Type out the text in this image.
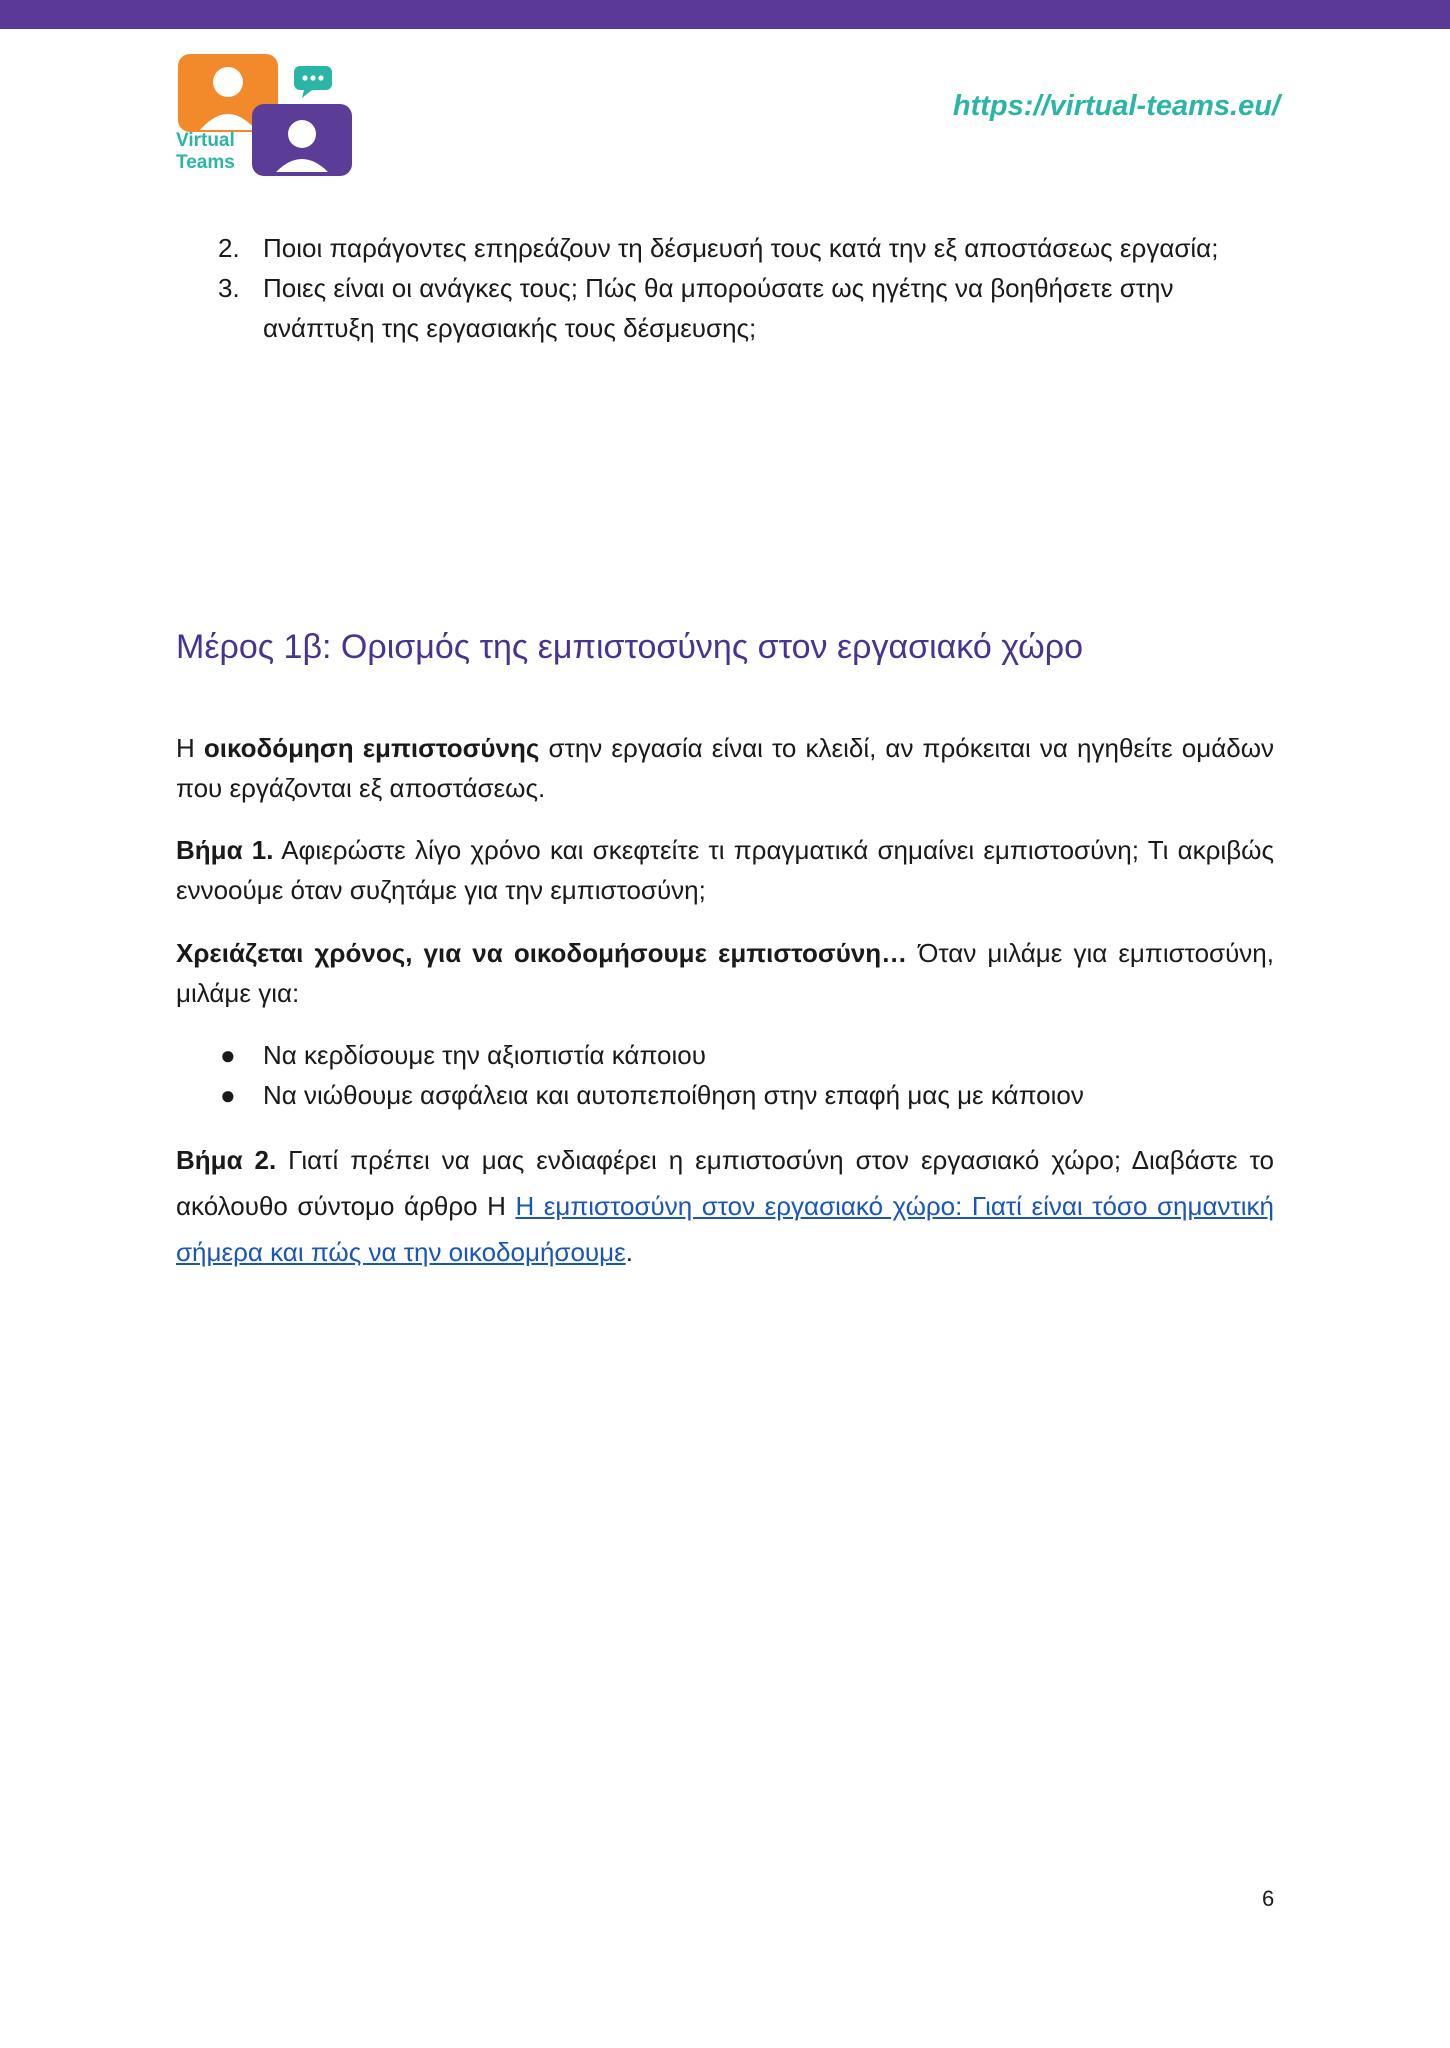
Virtual
Teams
https://virtual-teams.eu/
2. Ποιοι παράγοντες επηρεάζουν τη δέσμευσή τους κατά την εξ αποστάσεως εργασία;
3. Ποιες είναι οι ανάγκες τους; Πώς θα μπορούσατε ως ηγέτης να βοηθήσετε στην ανάπτυξη της εργασιακής τους δέσμευσης;
Μέρος 1β: Ορισμός της εμπιστοσύνης στον εργασιακό χώρο

Η οικοδόμηση εμπιστοσύνης στην εργασία είναι το κλειδί, αν πρόκειται να ηγηθείτε ομάδων που εργάζονται εξ αποστάσεως.

Βήμα 1. Αφιερώστε λίγο χρόνο και σκεφτείτε τι πραγματικά σημαίνει εμπιστοσύνη; Τι ακριβώς εννοούμε όταν συζητάμε για την εμπιστοσύνη;

Χρειάζεται χρόνος, για να οικοδομήσουμε εμπιστοσύνη… Όταν μιλάμε για εμπιστοσύνη, μιλάμε για:

● Να κερδίσουμε την αξιοπιστία κάποιου
● Να νιώθουμε ασφάλεια και αυτοπεποίθηση στην επαφή μας με κάποιον

Βήμα 2. Γιατί πρέπει να μας ενδιαφέρει η εμπιστοσύνη στον εργασιακό χώρο; Διαβάστε το ακόλουθο σύντομο άρθρο Η Η εμπιστοσύνη στον εργασιακό χώρο: Γιατί είναι τόσο σημαντική σήμερα και πώς να την οικοδομήσουμε.

6
